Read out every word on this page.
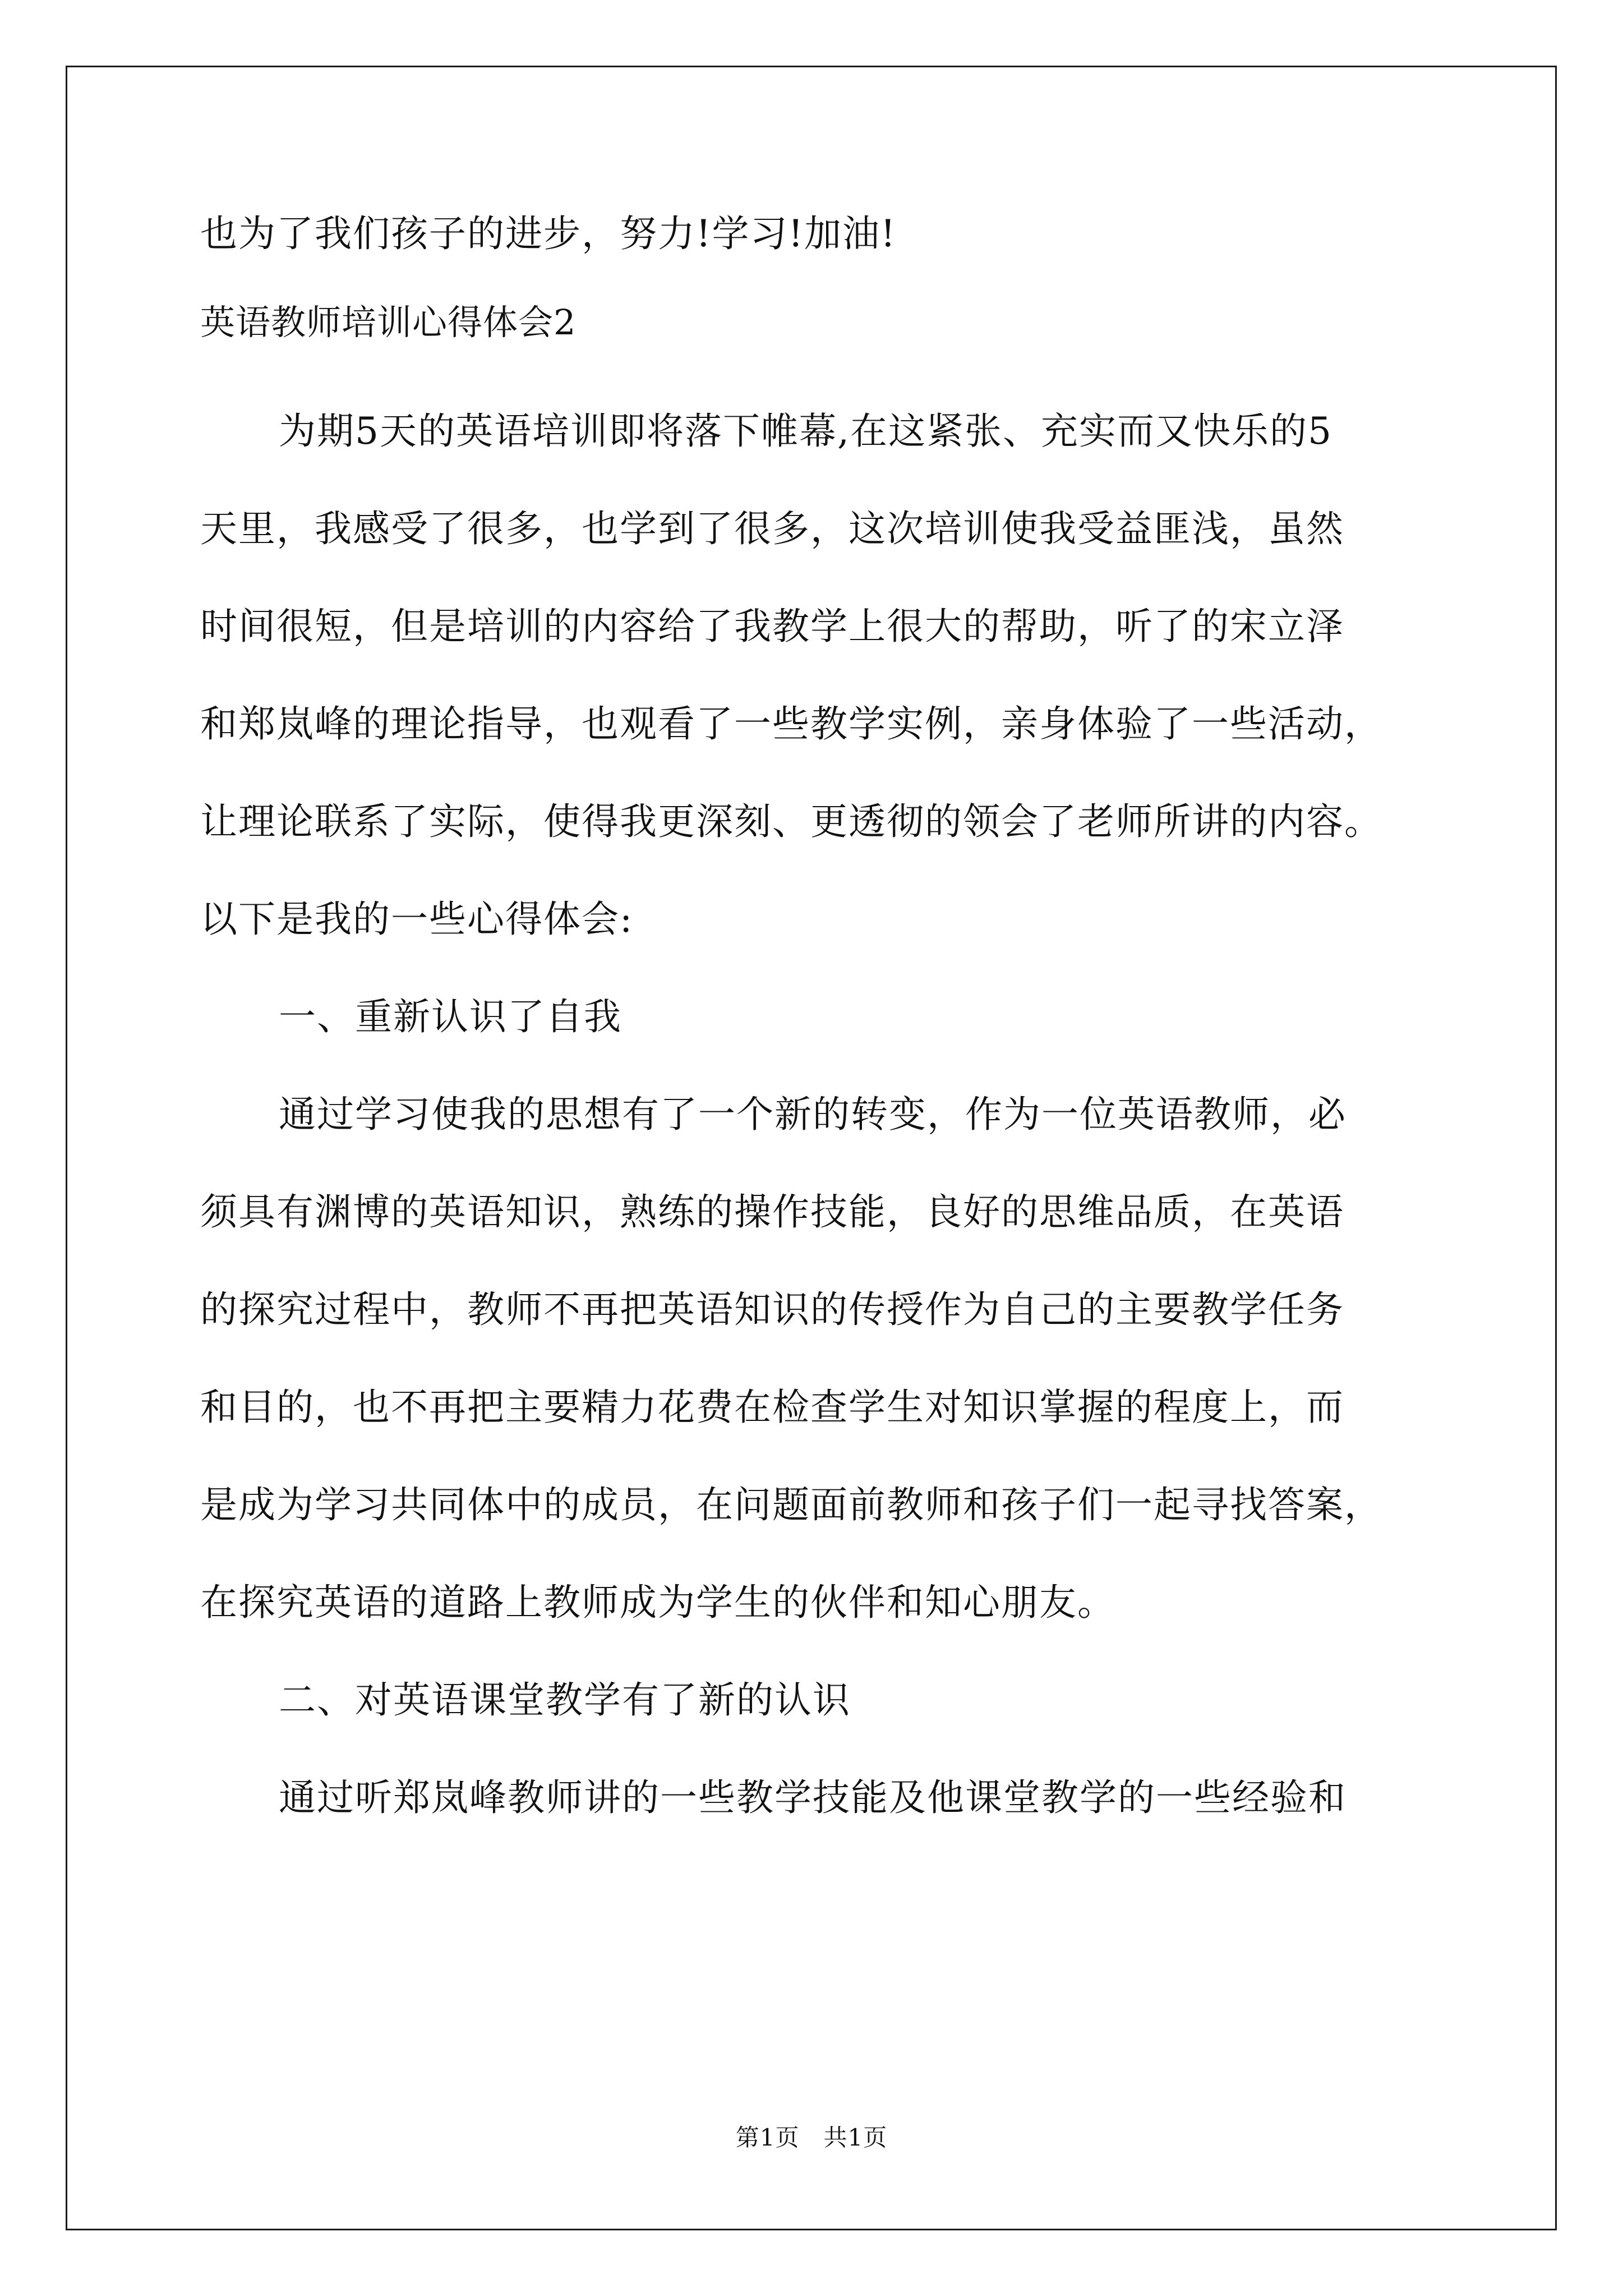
也为了我们孩子的进步，努力!学习!加油!
英语教师培训心得体会2
为期5天的英语培训即将落下帷幕,在这紧张、充实而又快乐的5
天里，我感受了很多，也学到了很多，这次培训使我受益匪浅，虽然
时间很短，但是培训的内容给了我教学上很大的帮助，听了的宋立泽
和郑岚峰的理论指导，也观看了一些教学实例，亲身体验了一些活动，
让理论联系了实际，使得我更深刻、更透彻的领会了老师所讲的内容。
以下是我的一些心得体会:
一、重新认识了自我
通过学习使我的思想有了一个新的转变，作为一位英语教师，必
须具有渊博的英语知识，熟练的操作技能，良好的思维品质，在英语
的探究过程中，教师不再把英语知识的传授作为自己的主要教学任务
和目的，也不再把主要精力花费在检查学生对知识掌握的程度上，而
是成为学习共同体中的成员，在问题面前教师和孩子们一起寻找答案，
在探究英语的道路上教师成为学生的伙伴和知心朋友。
二、对英语课堂教学有了新的认识
通过听郑岚峰教师讲的一些教学技能及他课堂教学的一些经验和
第1页　共1页
